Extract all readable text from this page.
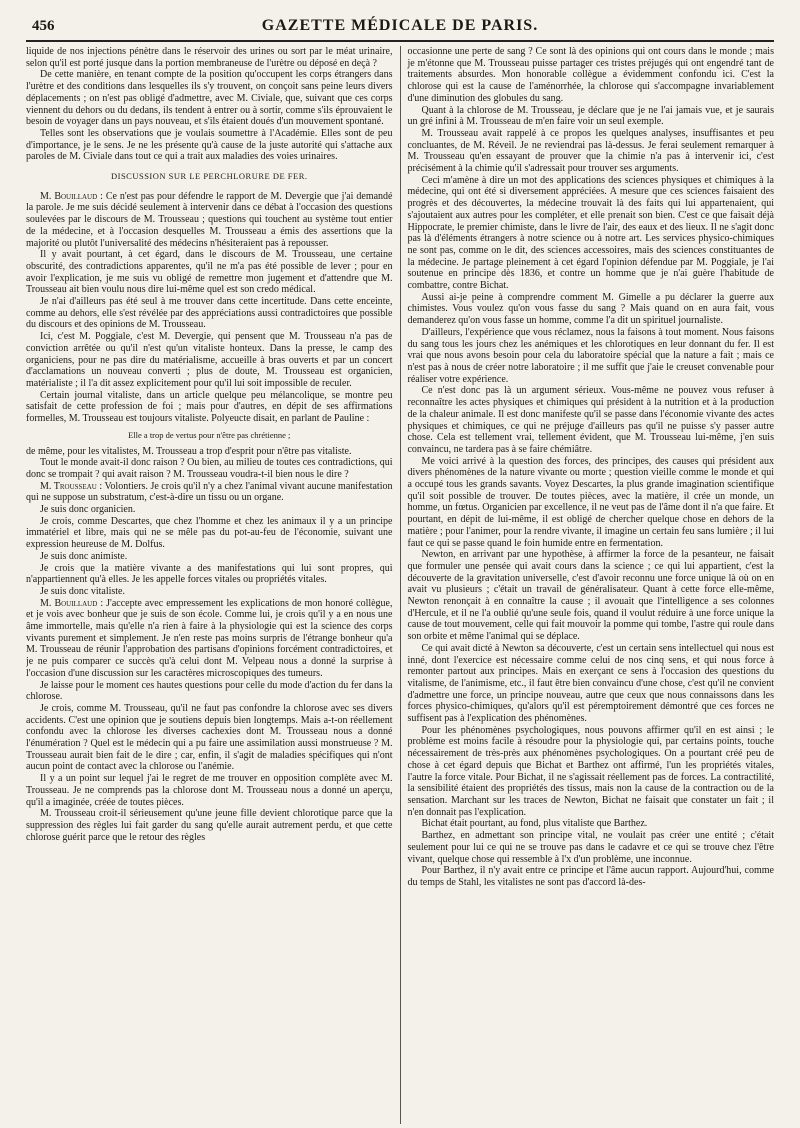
456	GAZETTE MÉDICALE DE PARIS.

liquide de nos injections pénètre dans le réservoir des urines ou sort par le méat urinaire, selon qu'il est porté jusque dans la portion membraneuse de l'urètre ou déposé en deçà ?

De cette manière, en tenant compte de la position qu'occupent les corps étrangers dans l'urètre et des conditions dans lesquelles ils s'y trouvent, on conçoit sans peine leurs divers déplacements ; on n'est pas obligé d'admettre, avec M. Civiale, que, suivant que ces corps viennent du dehors ou du dedans, ils tendent à entrer ou à sortir, comme s'ils éprouvaient le besoin de voyager dans un pays nouveau, et s'ils étaient doués d'un mouvement spontané.

Telles sont les observations que je voulais soumettre à l'Académie. Elles sont de peu d'importance, je le sens. Je ne les présente qu'à cause de la juste autorité qui s'attache aux paroles de M. Civiale dans tout ce qui a trait aux maladies des voies urinaires.

DISCUSSION SUR LE PERCHLORURE DE FER.

M. Bouillaud : Ce n'est pas pour défendre le rapport de M. Devergie que j'ai demandé la parole. Je me suis décidé seulement à intervenir dans ce débat à l'occasion des questions soulevées par le discours de M. Trousseau ; questions qui touchent au système tout entier de la médecine, et à l'occasion desquelles M. Trousseau a émis des assertions que la majorité ou plutôt l'universalité des médecins n'hésiteraient pas à repousser.

Il y avait pourtant, à cet égard, dans le discours de M. Trousseau, une certaine obscurité, des contradictions apparentes, qu'il ne m'a pas été possible de lever ; pour en avoir l'explication, je me suis vu obligé de remettre mon jugement et d'attendre que M. Trousseau ait bien voulu nous dire lui-même quel est son credo médical.

Je n'ai d'ailleurs pas été seul à me trouver dans cette incertitude. Dans cette enceinte, comme au dehors, elle s'est révélée par des appréciations aussi contradictoires que possible du discours et des opinions de M. Trousseau.

Ici, c'est M. Poggiale, c'est M. Devergie, qui pensent que M. Trousseau n'a pas de conviction arrêtée ou qu'il n'est qu'un vitaliste honteux. Dans la presse, le camp des organiciens, pour ne pas dire du matérialisme, accueille à bras ouverts et par un concert d'acclamations un nouveau converti ; plus de doute, M. Trousseau est organicien, matérialiste ; il l'a dit assez explicitement pour qu'il lui soit impossible de reculer.

Certain journal vitaliste, dans un article quelque peu mélancolique, se montre peu satisfait de cette profession de foi ; mais pour d'autres, en dépit de ses affirmations formelles, M. Trousseau est toujours vitaliste. Polyeucte disait, en parlant de Pauline :

Elle a trop de vertus pour n'être pas chrétienne ;

de même, pour les vitalistes, M. Trousseau a trop d'esprit pour n'être pas vitaliste.

Tout le monde avait-il donc raison ? Ou bien, au milieu de toutes ces contradictions, qui donc se trompait ? qui avait raison ? M. Trousseau voudra-t-il bien nous le dire ?

M. Trousseau : Volontiers. Je crois qu'il n'y a chez l'animal vivant aucune manifestation qui ne suppose un substratum, c'est-à-dire un tissu ou un organe.

Je suis donc organicien.

Je crois, comme Descartes, que chez l'homme et chez les animaux il y a un principe immatériel et libre, mais qui ne se mêle pas du pot-au-feu de l'économie, suivant une expression heureuse de M. Dolfus.

Je suis donc animiste.

Je crois que la matière vivante a des manifestations qui lui sont propres, qui n'appartiennent qu'à elles. Je les appelle forces vitales ou propriétés vitales.

Je suis donc vitaliste.

M. Bouillaud : J'accepte avec empressement les explications de mon honoré collègue, et je vois avec bonheur que je suis de son école. Comme lui, je crois qu'il y a en nous une âme immortelle, mais qu'elle n'a rien à faire à la physiologie qui est la science des corps vivants purement et simplement. Je n'en reste pas moins surpris de l'étrange bonheur qu'a M. Trousseau de réunir l'approbation des partisans d'opinions forcément contradictoires, et je ne puis comparer ce succès qu'à celui dont M. Velpeau nous a donné la surprise à l'occasion d'une discussion sur les caractères microscopiques des tumeurs.

Je laisse pour le moment ces hautes questions pour celle du mode d'action du fer dans la chlorose.

Je crois, comme M. Trousseau, qu'il ne faut pas confondre la chlorose avec ses divers accidents. C'est une opinion que je soutiens depuis bien longtemps. Mais a-t-on réellement confondu avec la chlorose les diverses cachexies dont M. Trousseau nous a donné l'énumération ? Quel est le médecin qui a pu faire une assimilation aussi monstrueuse ? M. Trousseau aurait bien fait de le dire ; car, enfin, il s'agit de maladies spécifiques qui n'ont aucun point de contact avec la chlorose ou l'anémie.

Il y a un point sur lequel j'ai le regret de me trouver en opposition complète avec M. Trousseau. Je ne comprends pas la chlorose dont M. Trousseau nous a donné un aperçu, qu'il a imaginée, créée de toutes pièces.

M. Trousseau croit-il sérieusement qu'une jeune fille devient chlorotique parce que la suppression des règles lui fait garder du sang qu'elle aurait autrement perdu, et que cette chlorose guérit parce que le retour des règles

occasionne une perte de sang ? Ce sont là des opinions qui ont cours dans le monde ; mais je m'étonne que M. Trousseau puisse partager ces tristes préjugés qui ont engendré tant de traitements absurdes. Mon honorable collègue a évidemment confondu ici. C'est la chlorose qui est la cause de l'aménorrhée, la chlorose qui s'accompagne invariablement d'une diminution des globules du sang.

Quant à la chlorose de M. Trousseau, je déclare que je ne l'ai jamais vue, et je saurais un gré infini à M. Trousseau de m'en faire voir un seul exemple.

M. Trousseau avait rappelé à ce propos les quelques analyses, insuffisantes et peu concluantes, de M. Réveil. Je ne reviendrai pas là-dessus. Je ferai seulement remarquer à M. Trousseau qu'en essayant de prouver que la chimie n'a pas à intervenir ici, c'est précisément à la chimie qu'il s'adressait pour trouver ses arguments.

Ceci m'amène à dire un mot des applications des sciences physiques et chimiques à la médecine, qui ont été si diversement appréciées. A mesure que ces sciences faisaient des progrès et des découvertes, la médecine trouvait là des faits qui lui appartenaient, qui s'ajoutaient aux autres pour les compléter, et elle prenait son bien. C'est ce que faisait déjà Hippocrate, le premier chimiste, dans le livre de l'air, des eaux et des lieux. Il ne s'agit donc pas là d'éléments étrangers à notre science ou à notre art. Les services physico-chimiques ne sont pas, comme on le dit, des sciences accessoires, mais des sciences constituantes de la médecine. Je partage pleinement à cet égard l'opinion défendue par M. Poggiale, je l'ai soutenue en principe dès 1836, et contre un homme que je n'ai guère l'habitude de combattre, contre Bichat.

Aussi ai-je peine à comprendre comment M. Gimelle a pu déclarer la guerre aux chimistes. Vous voulez qu'on vous fasse du sang ? Mais quand on en aura fait, vous demanderez qu'on vous fasse un homme, comme l'a dit un spirituel journaliste.

D'ailleurs, l'expérience que vous réclamez, nous la faisons à tout moment. Nous faisons du sang tous les jours chez les anémiques et les chlorotiques en leur donnant du fer. Il est vrai que nous avons besoin pour cela du laboratoire spécial que la nature a fait ; mais ce n'est pas à nous de créer notre laboratoire ; il me suffit que j'aie le creuset convenable pour réaliser votre expérience.

Ce n'est donc pas là un argument sérieux. Vous-même ne pouvez vous refuser à reconnaître les actes physiques et chimiques qui président à la nutrition et à la production de la chaleur animale. Il est donc manifeste qu'il se passe dans l'économie vivante des actes physiques et chimiques, ce qui ne préjuge d'ailleurs pas qu'il ne puisse s'y passer autre chose. Cela est tellement vrai, tellement évident, que M. Trousseau lui-même, j'en suis convaincu, ne tardera pas à se faire chémiâtre.

Me voici arrivé à la question des forces, des principes, des causes qui président aux divers phénomènes de la nature vivante ou morte ; question vieille comme le monde et qui a occupé tous les grands savants. Voyez Descartes, la plus grande imagination scientifique qu'il soit possible de trouver. De toutes pièces, avec la matière, il crée un monde, un homme, un fœtus. Organicien par excellence, il ne veut pas de l'âme dont il n'a que faire. Et pourtant, en dépit de lui-même, il est obligé de chercher quelque chose en dehors de la matière ; pour l'animer, pour la rendre vivante, il imagine un certain feu sans lumière ; il lui faut ce qui se passe quand le foin humide entre en fermentation.

Newton, en arrivant par une hypothèse, à affirmer la force de la pesanteur, ne faisait que formuler une pensée qui avait cours dans la science ; ce qui lui appartient, c'est la découverte de la gravitation universelle, c'est d'avoir reconnu une force unique là où on en avait vu plusieurs ; c'était un travail de généralisateur. Quant à cette force elle-même, Newton renonçait à en connaître la cause ; il avouait que l'intelligence a ses colonnes d'Hercule, et il ne l'a oublié qu'une seule fois, quand il voulut réduire à une force unique la cause de tout mouvement, celle qui fait mouvoir la pomme qui tombe, l'astre qui roule dans son orbite et même l'animal qui se déplace.

Ce qui avait dicté à Newton sa découverte, c'est un certain sens intellectuel qui nous est inné, dont l'exercice est nécessaire comme celui de nos cinq sens, et qui nous force à remonter partout aux principes. Mais en exerçant ce sens à l'occasion des questions du vitalisme, de l'animisme, etc., il faut être bien convaincu d'une chose, c'est qu'il ne convient d'admettre une force, un principe nouveau, autre que ceux que nous connaissons dans les forces physico-chimiques, qu'alors qu'il est péremptoirement démontré que ces forces ne suffisent pas à l'explication des phénomènes.

Pour les phénomènes psychologiques, nous pouvons affirmer qu'il en est ainsi ; le problème est moins facile à résoudre pour la physiologie qui, par certains points, touche nécessairement de très-près aux phénomènes psychologiques. On a pourtant créé peu de chose à cet égard depuis que Bichat et Barthez ont affirmé, l'un les propriétés vitales, l'autre la force vitale. Pour Bichat, il ne s'agissait réellement pas de forces. La contractilité, la sensibilité étaient des propriétés des tissus, mais non la cause de la contraction ou de la sensation. Marchant sur les traces de Newton, Bichat ne faisait que constater un fait ; il n'en donnait pas l'explication.

Bichat était pourtant, au fond, plus vitaliste que Barthez.

Barthez, en admettant son principe vital, ne voulait pas créer une entité ; c'était seulement pour lui ce qui ne se trouve pas dans le cadavre et ce qui se trouve chez l'être vivant, quelque chose qui ressemble à l'x d'un problème, une inconnue.

Pour Barthez, il n'y avait entre ce principe et l'âme aucun rapport. Aujourd'hui, comme du temps de Stahl, les vitalistes ne sont pas d'accord là-des-
